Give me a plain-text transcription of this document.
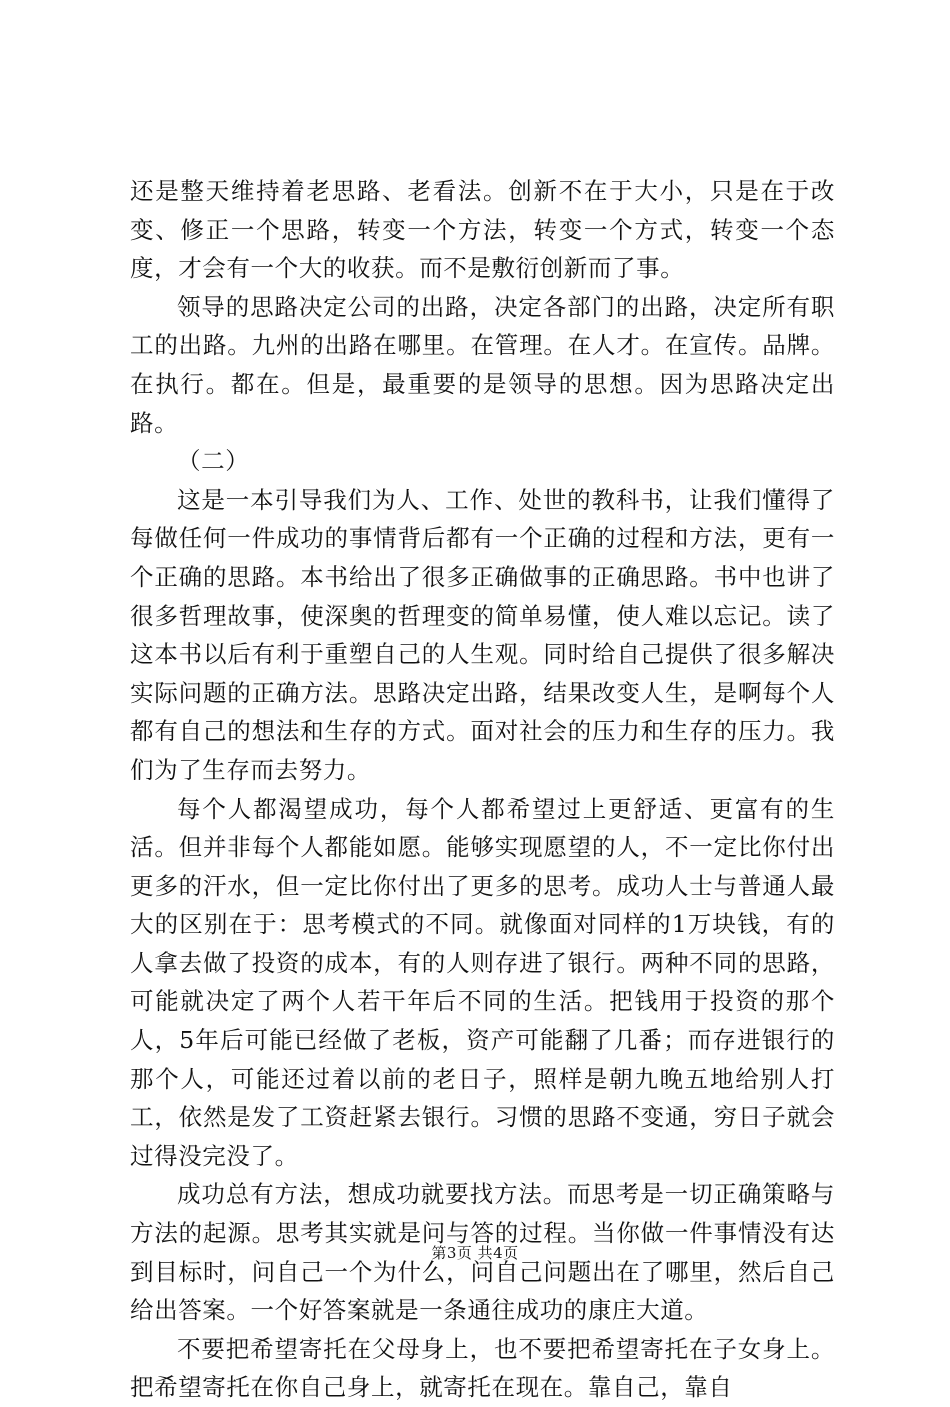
还是整天维持着老思路、老看法。创新不在于大小，只是在于改变、修正一个思路，转变一个方法，转变一个方式，转变一个态度，才会有一个大的收获。而不是敷衍创新而了事。

领导的思路决定公司的出路，决定各部门的出路，决定所有职工的出路。九州的出路在哪里。在管理。在人才。在宣传。品牌。在执行。都在。但是，最重要的是领导的思想。因为思路决定出路。

（二）

这是一本引导我们为人、工作、处世的教科书，让我们懂得了每做任何一件成功的事情背后都有一个正确的过程和方法，更有一个正确的思路。本书给出了很多正确做事的正确思路。书中也讲了很多哲理故事，使深奥的哲理变的简单易懂，使人难以忘记。读了这本书以后有利于重塑自己的人生观。同时给自己提供了很多解决实际问题的正确方法。思路决定出路，结果改变人生，是啊每个人都有自己的想法和生存的方式。面对社会的压力和生存的压力。我们为了生存而去努力。

每个人都渴望成功，每个人都希望过上更舒适、更富有的生活。但并非每个人都能如愿。能够实现愿望的人，不一定比你付出更多的汗水，但一定比你付出了更多的思考。成功人士与普通人最大的区别在于：思考模式的不同。就像面对同样的1万块钱，有的人拿去做了投资的成本，有的人则存进了银行。两种不同的思路，可能就决定了两个人若干年后不同的生活。把钱用于投资的那个人，5年后可能已经做了老板，资产可能翻了几番；而存进银行的那个人，可能还过着以前的老日子，照样是朝九晚五地给别人打工，依然是发了工资赶紧去银行。习惯的思路不变通，穷日子就会过得没完没了。

成功总有方法，想成功就要找方法。而思考是一切正确策略与方法的起源。思考其实就是问与答的过程。当你做一件事情没有达到目标时，问自己一个为什么，问自己问题出在了哪里，然后自己给出答案。一个好答案就是一条通往成功的康庄大道。

不要把希望寄托在父母身上，也不要把希望寄托在子女身上。把希望寄托在你自己身上，就寄托在现在。靠自己，靠自

第3页 共4页
